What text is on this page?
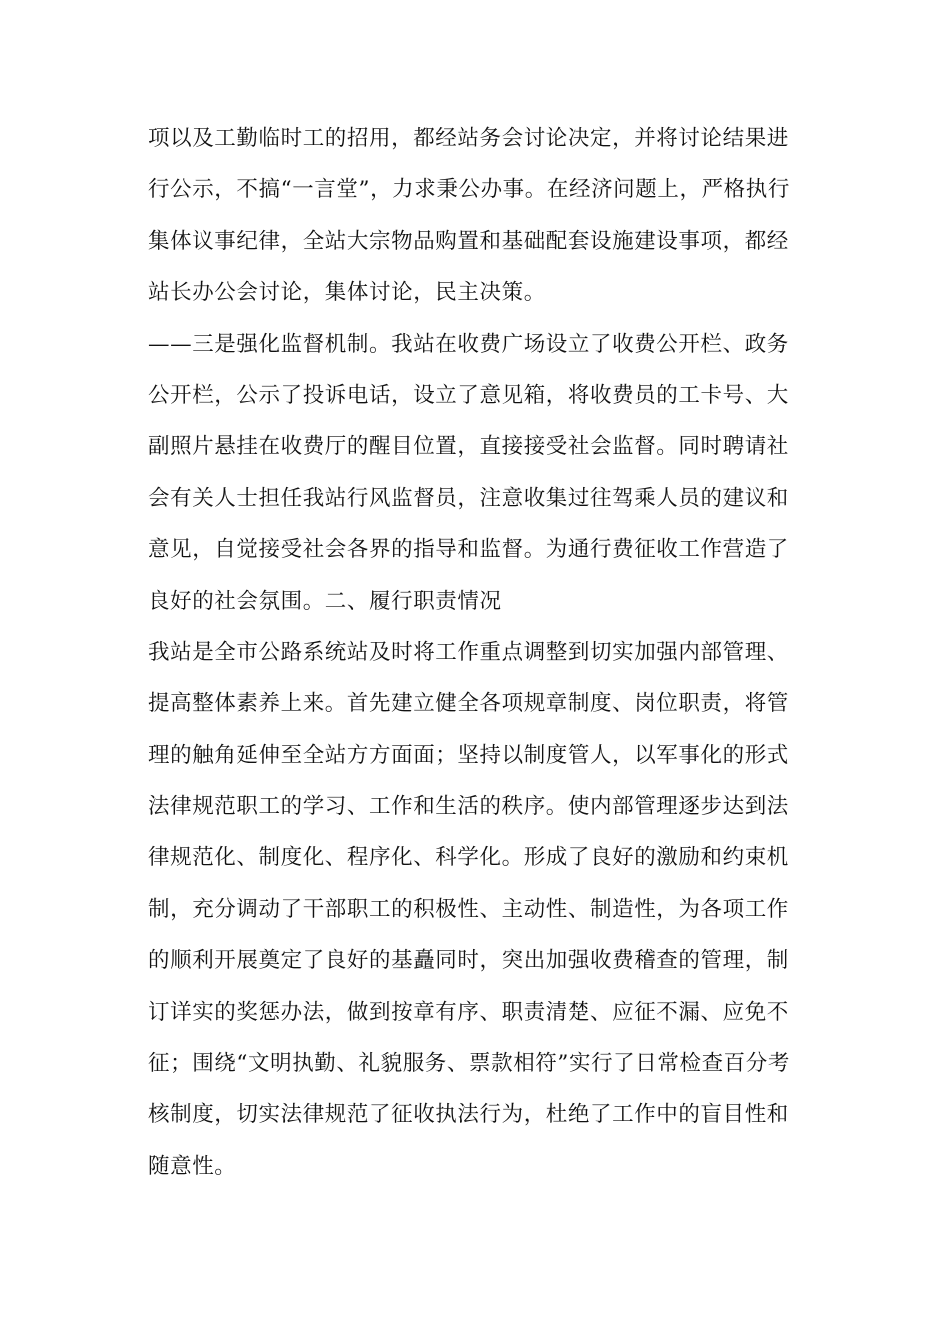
项以及工勤临时工的招用，都经站务会讨论决定，并将讨论结果进
行公示，不搞“一言堂”，力求秉公办事。在经济问题上，严格执行
集体议事纪律，全站大宗物品购置和基础配套设施建设事项，都经
站长办公会讨论，集体讨论，民主决策。
——三是强化监督机制。我站在收费广场设立了收费公开栏、政务
公开栏，公示了投诉电话，设立了意见箱，将收费员的工卡号、大
副照片悬挂在收费厅的醒目位置，直接接受社会监督。同时聘请社
会有关人士担任我站行风监督员，注意收集过往驾乘人员的建议和
意见，自觉接受社会各界的指导和监督。为通行费征收工作营造了
良好的社会氛围。二、履行职责情况
我站是全市公路系统站及时将工作重点调整到切实加强内部管理、
提高整体素养上来。首先建立健全各项规章制度、岗位职责，将管
理的触角延伸至全站方方面面；坚持以制度管人，以军事化的形式
法律规范职工的学习、工作和生活的秩序。使内部管理逐步达到法
律规范化、制度化、程序化、科学化。形成了良好的激励和约束机
制，充分调动了干部职工的积极性、主动性、制造性，为各项工作
的顺利开展奠定了良好的基矗同时，突出加强收费稽查的管理，制
订详实的奖惩办法，做到按章有序、职责清楚、应征不漏、应免不
征；围绕“文明执勤、礼貌服务、票款相符”实行了日常检查百分考
核制度，切实法律规范了征收执法行为，杜绝了工作中的盲目性和
随意性。
